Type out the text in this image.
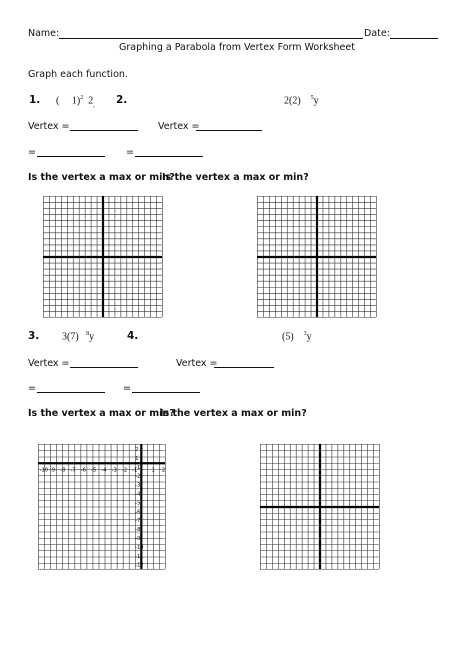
Name:	Date:
Graphing a Parabola from Vertex Form Worksheet
Graph each function.
1. ( 1)$^2$ $2_,$ 2.	2(2) $^5$y
Vertex =	Vertex =
=	=
Is the vertex a max or min?
Is the vertex a max or min?
3. 3(7) $^8$y	4.	(5) $^3$y
Vertex =	Vertex =
=	=
Is the vertex a max or min?
Is the vertex a max or min?
-10 -9 -8 -7 -6 -5 -4 -3 -2 -1	1 2
2
1
-1
-2
-3
-4
-5
-6
-7
-8
-9
-10
-11
-12
